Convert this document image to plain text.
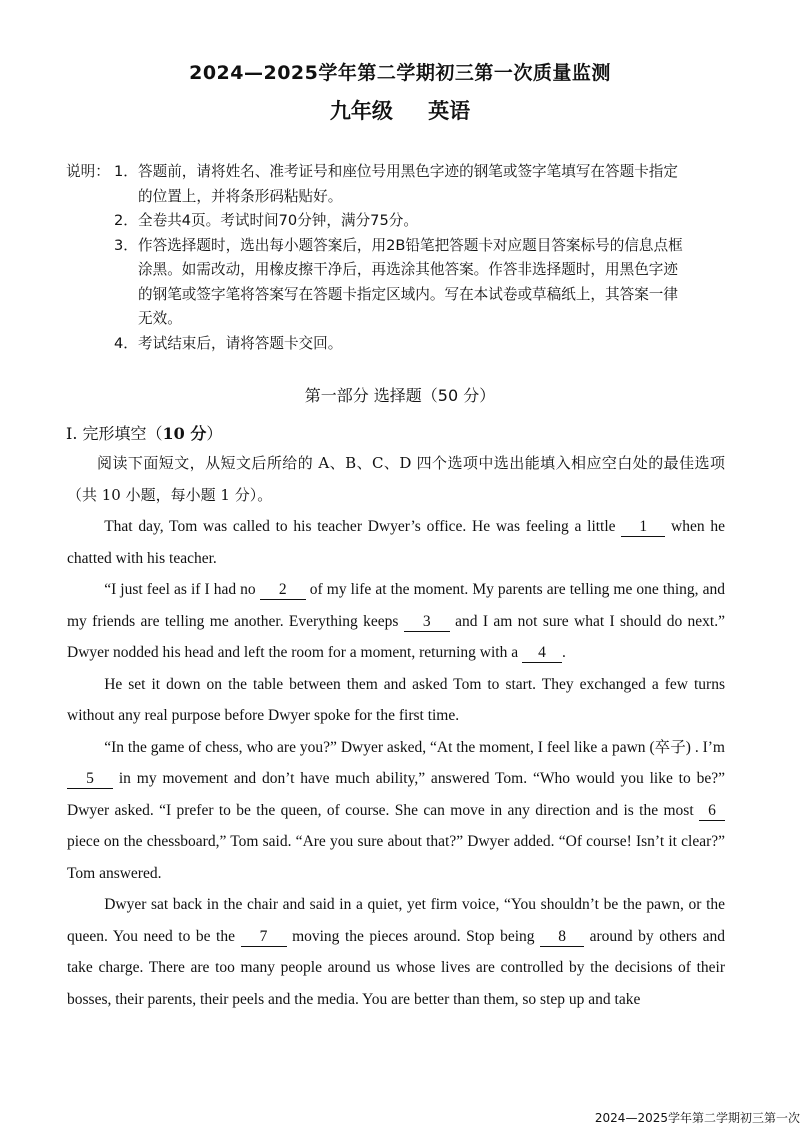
2024—2025学年第二学期初三第一次质量监测
九年级 英语
说明： 1． 答题前，请将姓名、准考证号和座位号用黑色字迹的钢笔或签字笔填写在答题卡指定的位置上，并将条形码粘贴好。
2． 全卷共4页。考试时间70分钟，满分75分。
3． 作答选择题时，选出每小题答案后，用2B铅笔把答题卡对应题目答案标号的信息点框涂黑。如需改动，用橡皮擦干净后，再选涂其他答案。作答非选择题时，用黑色字迹的钢笔或签字笔将答案写在答题卡指定区域内。写在本试卷或草稿纸上，其答案一律无效。
4． 考试结束后，请将答题卡交回。
第一部分 选择题（50 分）
Ⅰ. 完形填空（10 分）

阅读下面短文，从短文后所给的 A、B、C、D 四个选项中选出能填入相应空白处的最佳选项（共 10 小题，每小题 1 分）。

That day, Tom was called to his teacher Dwyer’s office. He was feeling a little 1 when he chatted with his teacher.

“I just feel as if I had no 2 of my life at the moment. My parents are telling me one thing, and my friends are telling me another. Everything keeps 3 and I am not sure what I should do next.” Dwyer nodded his head and left the room for a moment, returning with a 4 .

He set it down on the table between them and asked Tom to start. They exchanged a few turns without any real purpose before Dwyer spoke for the first time.

“In the game of chess, who are you?” Dwyer asked, “At the moment, I feel like a pawn (卒子) . I’m 5 in my movement and don’t have much ability,” answered Tom. “Who would you like to be?” Dwyer asked. “I prefer to be the queen, of course. She can move in any direction and is the most 6 piece on the chessboard,” Tom said. “Are you sure about that?” Dwyer added. “Of course! Isn’t it clear?” Tom answered.

Dwyer sat back in the chair and said in a quiet, yet firm voice, “You shouldn’t be the pawn, or the queen. You need to be the 7 moving the pieces around. Stop being 8 around by others and take charge. There are too many people around us whose lives are controlled by the decisions of their bosses, their parents, their peels and the media. You are better than them, so step up and take

2024—2025学年第二学期初三第一次
